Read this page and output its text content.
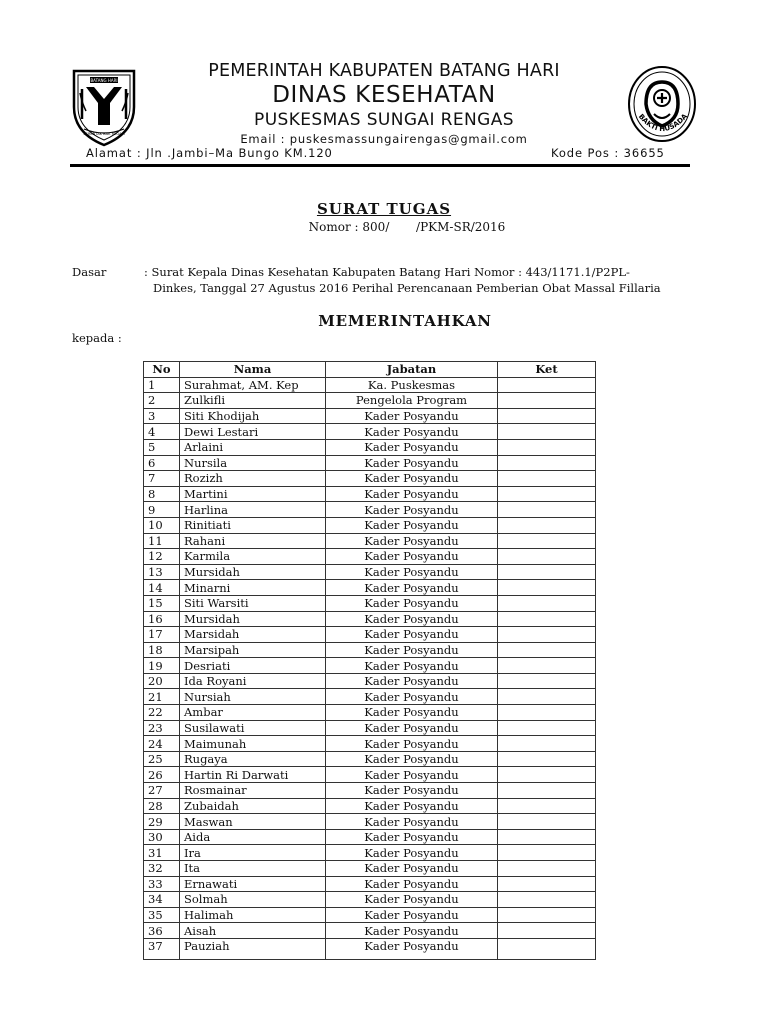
BATANG HARI
SERENTAK BAK REGAM
PEMERINTAH KABUPATEN BATANG HARI
DINAS KESEHATAN
PUSKESMAS SUNGAI RENGAS
Email : puskesmassungairengas@gmail.com
BAKTI HUSADA
Alamat : Jln .Jambi–Ma Bungo KM.120	Kode Pos : 36655
SURAT TUGAS
Nomor : 800/       /PKM-SR/2016
Dasar	: Surat Kepala Dinas Kesehatan Kabupaten Batang Hari Nomor : 443/1171.1/P2PL-
Dinkes, Tanggal 27 Agustus 2016 Perihal Perencanaan Pemberian Obat Massal Fillaria
MEMERINTAHKAN
kepada :
No	Nama	Jabatan	Ket
1	Surahmat, AM. Kep	Ka. Puskesmas	
2	Zulkifli	Pengelola Program	
3	Siti Khodijah	Kader Posyandu	
4	Dewi Lestari	Kader Posyandu	
5	Arlaini	Kader Posyandu	
6	Nursila	Kader Posyandu	
7	Rozizh	Kader Posyandu	
8	Martini	Kader Posyandu	
9	Harlina	Kader Posyandu	
10	Rinitiati	Kader Posyandu	
11	Rahani	Kader Posyandu	
12	Karmila	Kader Posyandu	
13	Mursidah	Kader Posyandu	
14	Minarni	Kader Posyandu	
15	Siti Warsiti	Kader Posyandu	
16	Mursidah	Kader Posyandu	
17	Marsidah	Kader Posyandu	
18	Marsipah	Kader Posyandu	
19	Desriati	Kader Posyandu	
20	Ida Royani	Kader Posyandu	
21	Nursiah	Kader Posyandu	
22	Ambar	Kader Posyandu	
23	Susilawati	Kader Posyandu	
24	Maimunah	Kader Posyandu	
25	Rugaya	Kader Posyandu	
26	Hartin Ri Darwati	Kader Posyandu	
27	Rosmainar	Kader Posyandu	
28	Zubaidah	Kader Posyandu	
29	Maswan	Kader Posyandu	
30	Aida	Kader Posyandu	
31	Ira	Kader Posyandu	
32	Ita	Kader Posyandu	
33	Ernawati	Kader Posyandu	
34	Solmah	Kader Posyandu	
35	Halimah	Kader Posyandu	
36	Aisah	Kader Posyandu	
37	Pauziah	Kader Posyandu	
